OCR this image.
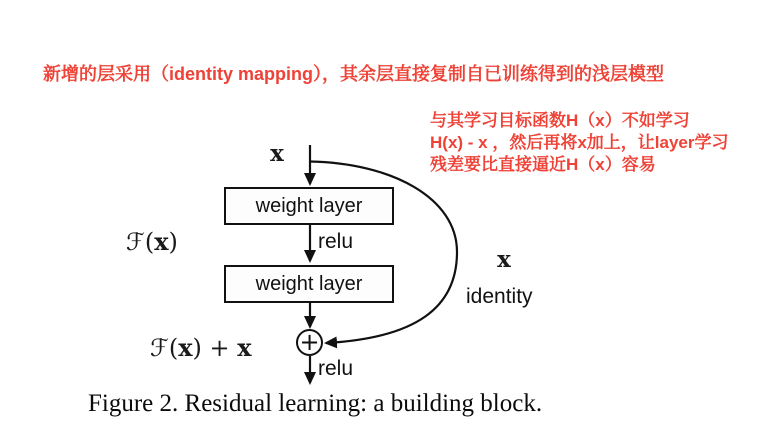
新增的层采用（identity mapping），其余层直接复制自已训练得到的浅层模型
与其学习目标函数H（x）不如学习
H(x) - x ，然后再将x加上，让layer学习
残差要比直接逼近H（x）容易
weight layer
weight layer
+
x
relu
relu
ℱ(x)
ℱ(x) + x
x
identity
Figure 2. Residual learning: a building block.
